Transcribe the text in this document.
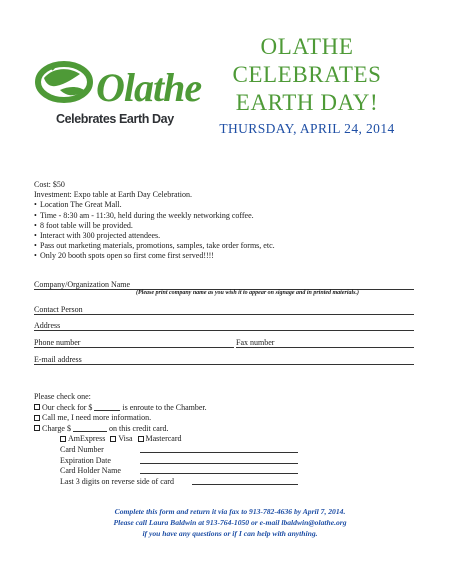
Olathe
Celebrates Earth Day
OLATHE
CELEBRATES
EARTH DAY!
THURSDAY, APRIL 24, 2014
Cost: $50
Investment: Expo table at Earth Day Celebration.
• Location The Great Mall.
• Time - 8:30 am - 11:30, held during the weekly networking coffee.
• 8 foot table will be provided.
• Interact with 300 projected attendees.
• Pass out marketing materials, promotions, samples, take order forms, etc.
• Only 20 booth spots open so first come first served!!!!
Company/Organization Name
(Please print company name as you wish it to appear on signage and in printed materials.)
Contact Person
Address
Phone number	Fax number
E-mail address
Please check one:
Our check for $	is enroute to the Chamber.
Call me, I need more information.
Charge $	on this credit card.
AmExpress Visa Mastercard
Card Number
Expiration Date
Card Holder Name
Last 3 digits on reverse side of card
Complete this form and return it via fax to 913-782-4636 by April 7, 2014.
Please call Laura Baldwin at 913-764-1050 or e-mail lbaldwin@olathe.org
if you have any questions or if I can help with anything.
